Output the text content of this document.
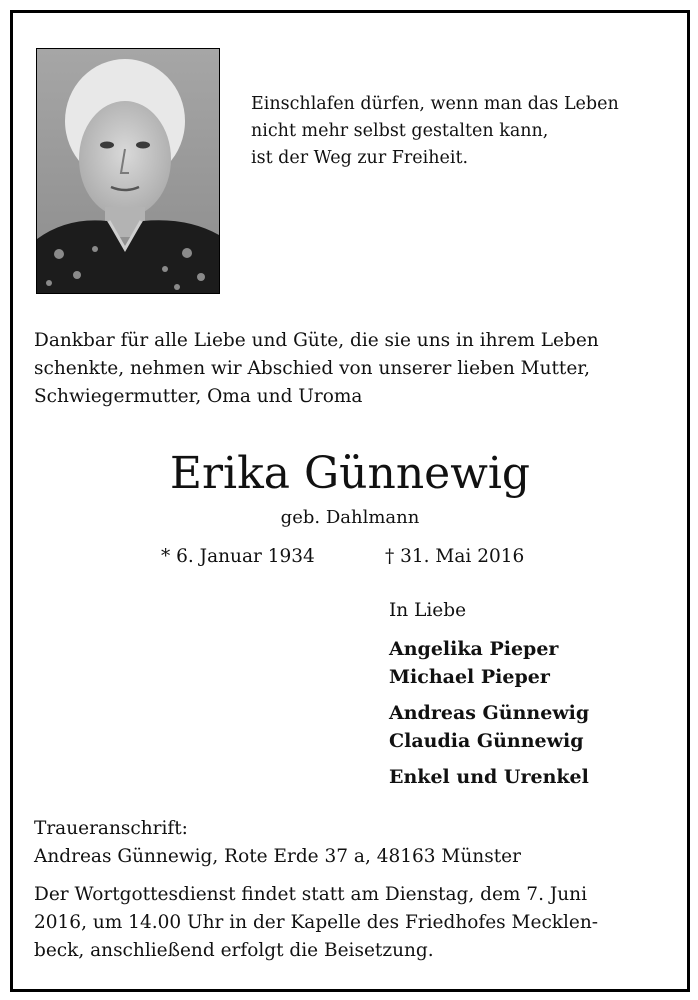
Einschlafen dürfen, wenn man das Leben
nicht mehr selbst gestalten kann,
ist der Weg zur Freiheit.
Dankbar für alle Liebe und Güte, die sie uns in ihrem Leben
schenkte, nehmen wir Abschied von unserer lieben Mutter,
Schwiegermutter, Oma und Uroma
Erika Günnewig
geb. Dahlmann
* 6. Januar 1934	† 31. Mai 2016
In Liebe
Angelika Pieper
Michael Pieper
Andreas Günnewig
Claudia Günnewig
Enkel und Urenkel
Traueranschrift:
Andreas Günnewig, Rote Erde 37 a, 48163 Münster
Der Wortgottesdienst findet statt am Dienstag, dem 7. Juni
2016, um 14.00 Uhr in der Kapelle des Friedhofes Mecklen-
beck, anschließend erfolgt die Beisetzung.
